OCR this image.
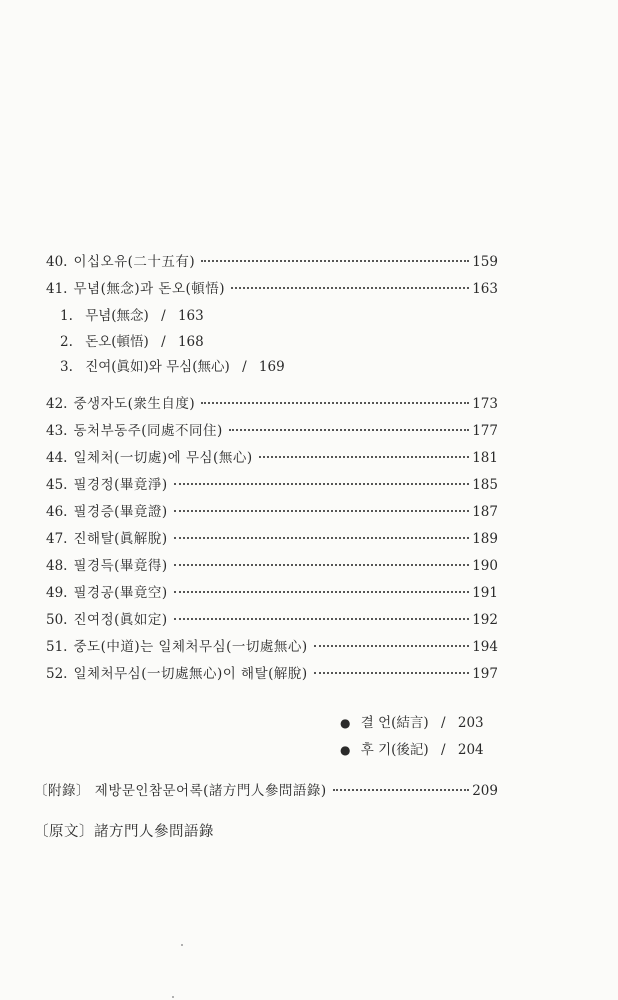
40. 이십오유(二十五有)	159
41. 무념(無念)과 돈오(頓悟)	163
1. 무념(無念) / 163
2. 돈오(頓悟) / 168
3. 진여(眞如)와 무심(無心) / 169
42. 중생자도(衆生自度)	173
43. 동처부동주(同處不同住)	177
44. 일체처(一切處)에 무심(無心)	181
45. 필경정(畢竟淨)	185
46. 필경증(畢竟證)	187
47. 진해탈(眞解脫)	189
48. 필경득(畢竟得)	190
49. 필경공(畢竟空)	191
50. 진여정(眞如定)	192
51. 중도(中道)는 일체처무심(一切處無心)	194
52. 일체처무심(一切處無心)이 해탈(解脫)	197
● 결 언(結言) / 203
● 후 기(後記) / 204
〔附錄〕 제방문인참문어록(諸方門人參問語錄)	209
〔原文〕諸方門人參問語錄
